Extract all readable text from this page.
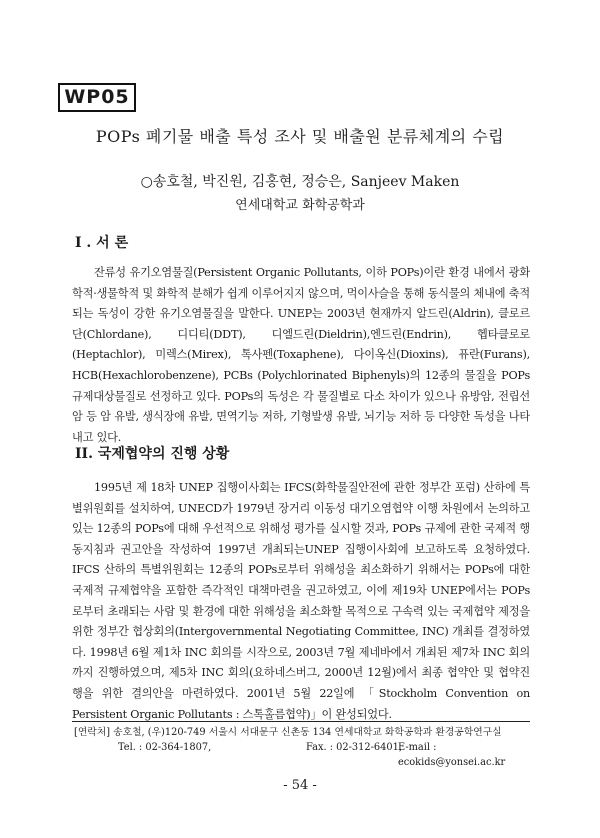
WP05
POPs 폐기물 배출 특성 조사 및 배출원 분류체계의 수립
○송호철, 박진원, 김홍현, 정승은, Sanjeev Maken
연세대학교 화학공학과
I . 서 론

잔류성 유기오염물질(Persistent Organic Pollutants, 이하 POPs)이란 환경 내에서 광화학적·생물학적 및 화학적 분해가 쉽게 이루어지지 않으며, 먹이사슬을 통해 동식물의 체내에 축적되는 독성이 강한 유기오염물질을 말한다. UNEP는 2003년 현재까지 알드린(Aldrin), 클로르단(Chlordane), 디디티(DDT), 디엘드린(Dieldrin),엔드린(Endrin), 헵타클로로 (Heptachlor), 미렉스(Mirex), 톡사펜(Toxaphene), 다이옥신(Dioxins), 퓨란(Furans), HCB(Hexachlorobenzene), PCBs (Polychlorinated Biphenyls)의 12종의 물질을 POPs 규제대상물질로 선정하고 있다. POPs의 독성은 각 물질별로 다소 차이가 있으나 유방암, 전립선암 등 암 유발, 생식장애 유발, 면역기능 저하, 기형발생 유발, 뇌기능 저하 등 다양한 독성을 나타내고 있다.

II. 국제협약의 진행 상황

1995년 제 18차 UNEP 집행이사회는 IFCS(화학물질안전에 관한 정부간 포럼) 산하에 특별위원회를 설치하여, UNECD가 1979년 장거리 이동성 대기오염협약 이행 차원에서 논의하고 있는 12종의 POPs에 대해 우선적으로 위해성 평가를 실시할 것과, POPs 규제에 관한 국제적 행동지침과 권고안을 작성하여 1997년 개최되는UNEP 집행이사회에 보고하도록 요청하였다. IFCS 산하의 특별위원회는 12종의 POPs로부터 위해성을 최소화하기 위해서는 POPs에 대한 국제적 규제협약을 포함한 즉각적인 대책마련을 권고하였고, 이에 제19차 UNEP에서는 POPs로부터 초래되는 사람 및 환경에 대한 위해성을 최소화할 목적으로 구속력 있는 국제협약 제정을 위한 정부간 협상회의(Intergovernmental Negotiating Committee, INC) 개최를 결정하였다. 1998년 6월 제1차 INC 회의를 시작으로, 2003년 7월 제네바에서 개최된 제7차 INC 회의까지 진행하였으며, 제5차 INC 회의(요하네스버그, 2000년 12월)에서 최종 협약안 및 협약진행을 위한 결의안을 마련하였다. 2001년 5월 22일에 「Stockholm Convention on Persistent Organic Pollutants : 스톡홀름협약)」이 완성되었다.

[연락처] 송호철, (우)120-749 서울시 서대문구 신촌동 134 연세대학교 화학공학과 환경공학연구실
Tel. : 02-364-1807,	Fax. : 02-312-6401,
E-mail : ecokids@yonsei.ac.kr
- 54 -
